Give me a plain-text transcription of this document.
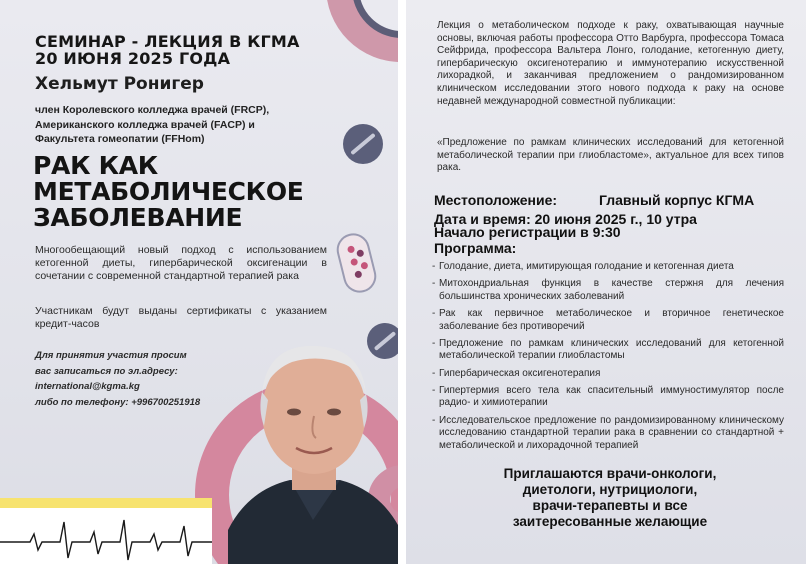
СЕМИНАР - ЛЕКЦИЯ В КГМА
20 ИЮНЯ 2025 ГОДА
Хельмут Ронигер
член Королевского колледжа врачей (FRCP), Американского колледжа врачей (FACP) и Факультета гомеопатии (FFHom)
РАК КАК
МЕТАБОЛИЧЕСКОЕ
ЗАБОЛЕВАНИЕ
Многообещающий новый подход с использованием кетогенной диеты, гипербарической оксигенации в сочетании с современной стандартной терапией рака
Участникам будут выданы сертификаты с указанием кредит-часов
Для принятия участия просим
вас записаться по эл.адресу:
international@kgma.kg
либо по телефону: +996700251918
Лекция о метаболическом подходе к раку, охватывающая научные основы, включая работы профессора Отто Варбурга, профессора Томаса Сейфрида, профессора Вальтера Лонго, голодание, кетогенную диету, гипербарическую оксигенотерапию и иммунотерапию искусственной лихорадкой, и заканчивая предложением о рандомизированном клиническом исследовании этого нового подхода к раку на основе недавней международной совместной публикации:
«Предложение по рамкам клинических исследований для кетогенной метаболической терапии при глиобластоме», актуальное для всех типов рака.
Местоположение:	Главный корпус КГМА
Дата и время: 20 июня 2025 г., 10 утра
Начало регистрации в 9:30
Программа:
- Голодание, диета, имитирующая голодание и кетогенная диета
- Митохондриальная функция в качестве стержня для лечения большинства хронических заболеваний
- Рак как первичное метаболическое и вторичное генетическое заболевание без противоречий
- Предложение по рамкам клинических исследований для кетогенной метаболической терапии глиобластомы
- Гипербарическая оксигенотерапия
- Гипертермия всего тела как спасительный иммуностимулятор после радио- и химиотерапии
- Исследовательское предложение по рандомизированному клиническому исследованию стандартной терапии рака в сравнении со стандартной + метаболической и лихорадочной терапией
Приглашаются врачи-онкологи,
диетологи, нутрициологи,
врачи-терапевты и все
заитересованные желающие
